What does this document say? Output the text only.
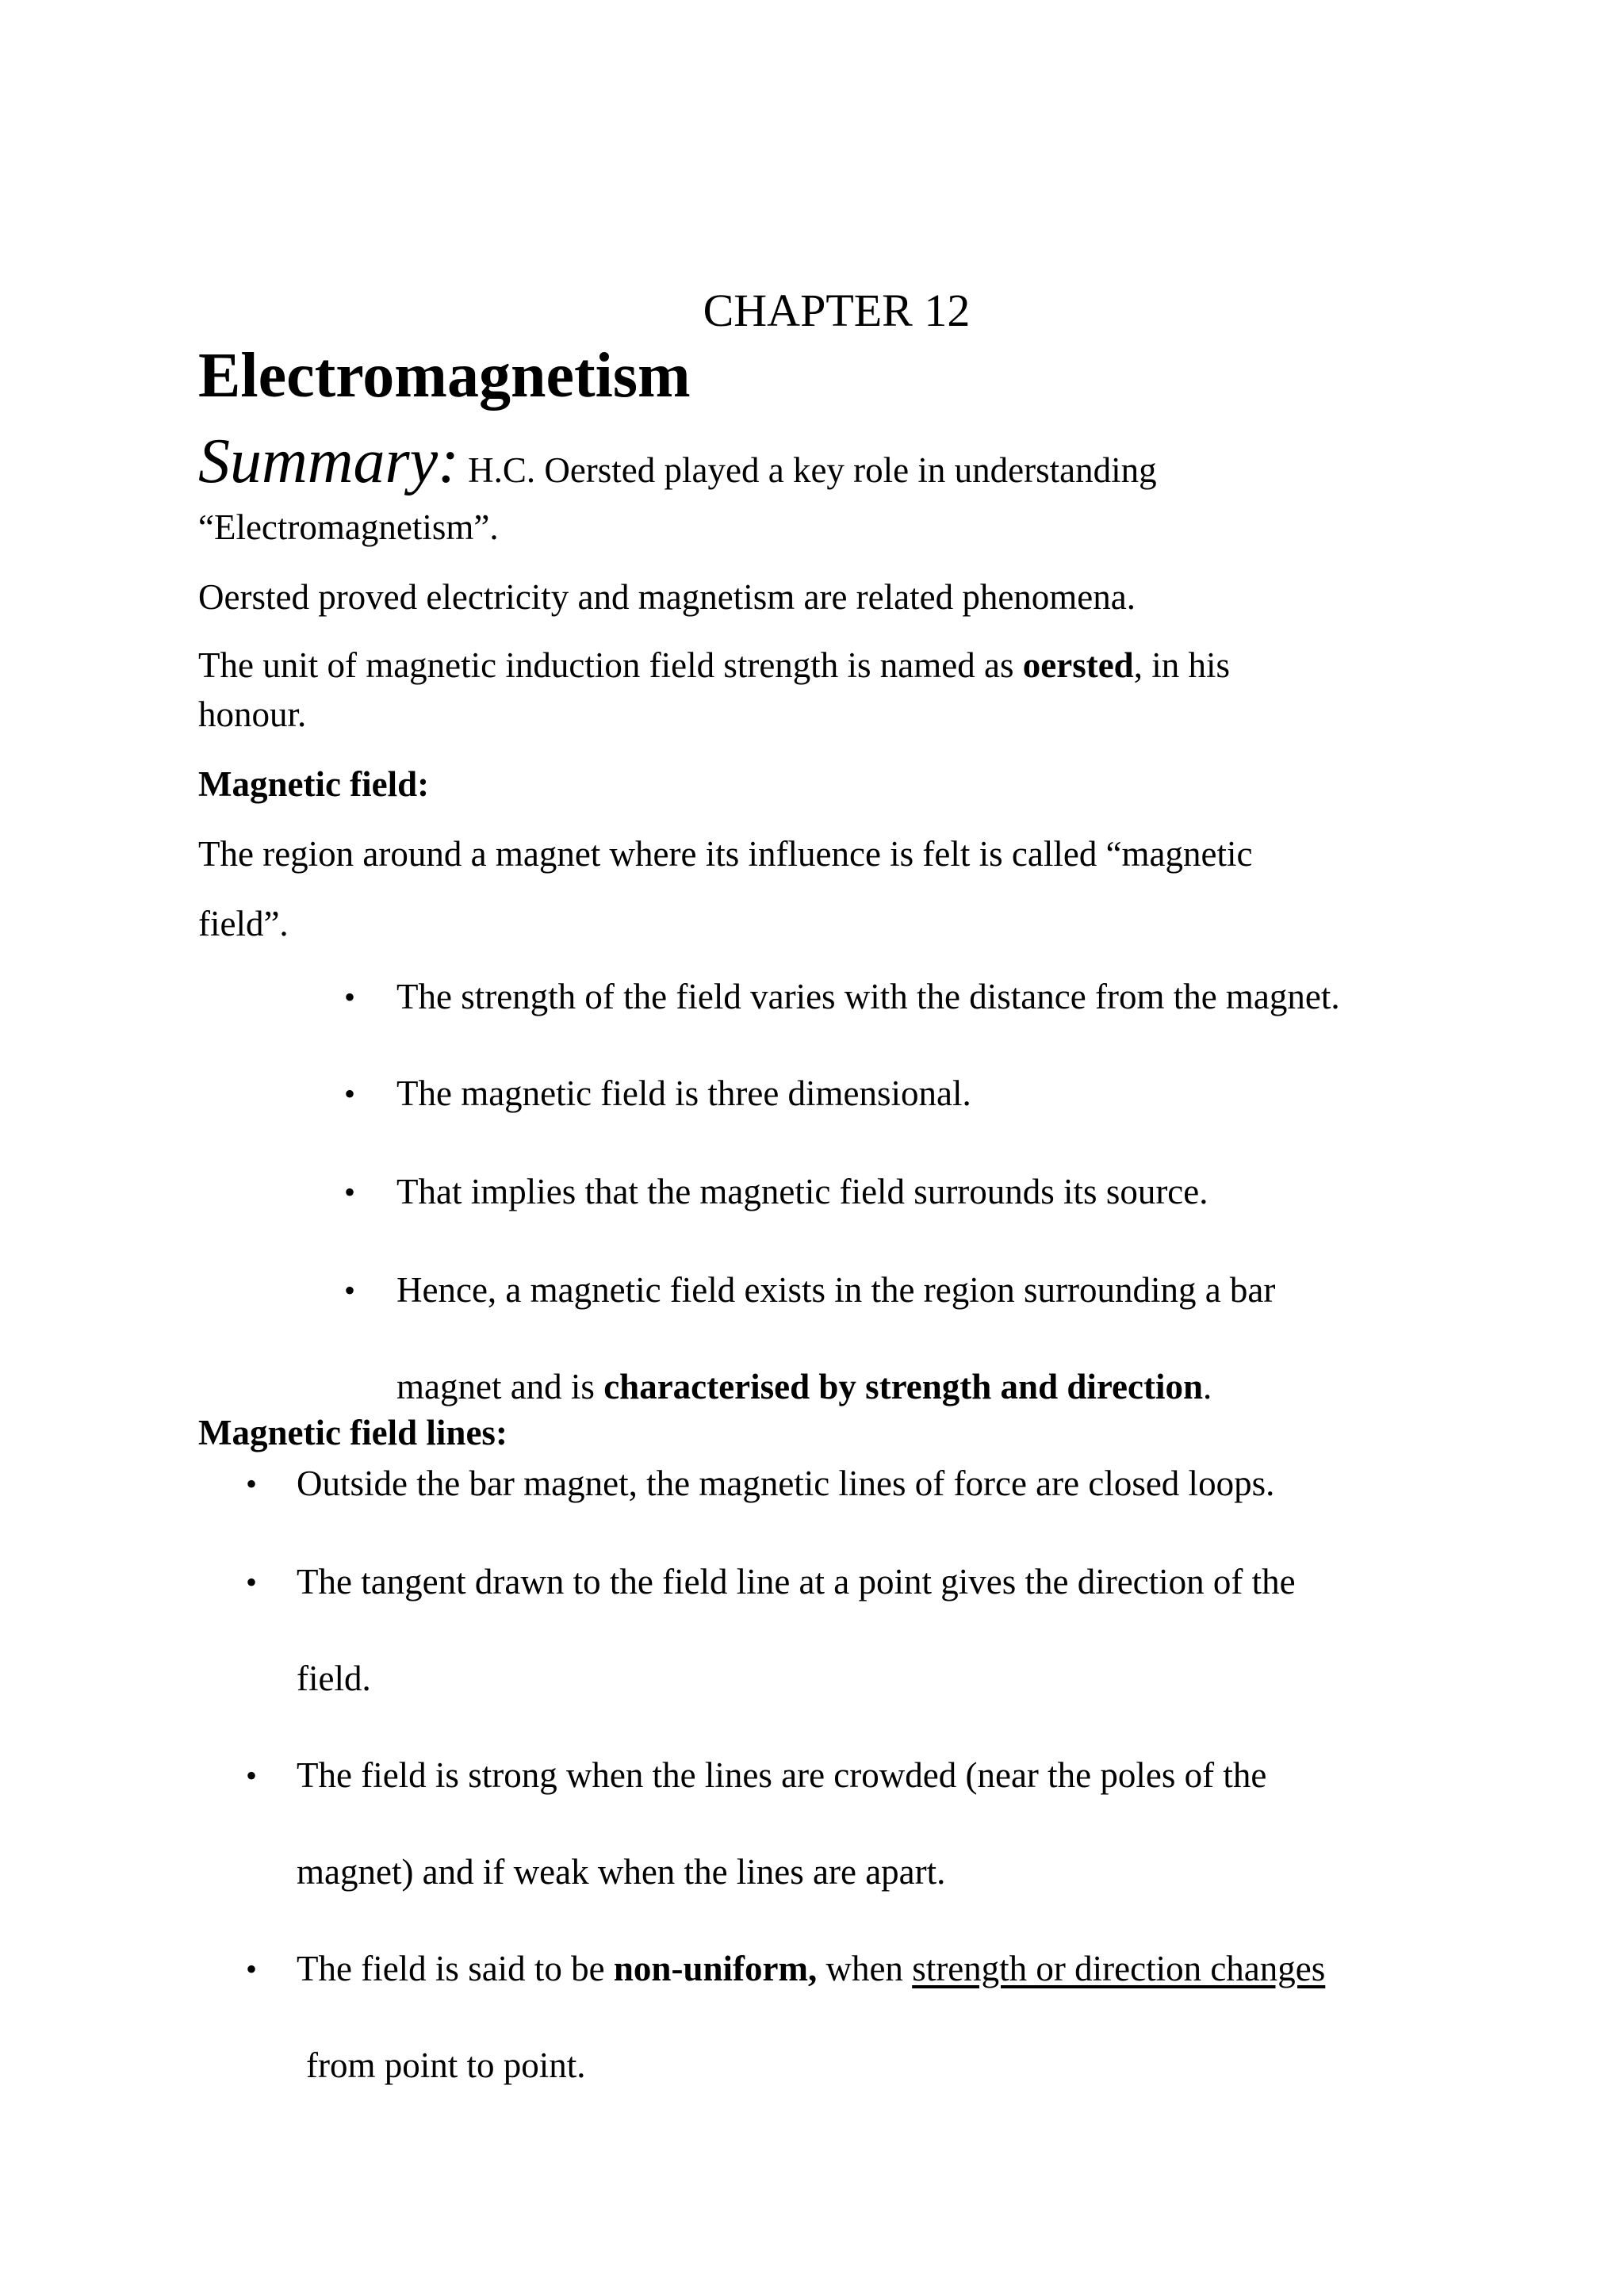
CHAPTER 12
Electromagnetism
Summary: H.C. Oersted played a key role in understanding
“Electromagnetism”.
Oersted proved electricity and magnetism are related phenomena.
The unit of magnetic induction field strength is named as oersted, in his
honour.
Magnetic field:
The region around a magnet where its influence is felt is called “magnetic
field”.
• The strength of the field varies with the distance from the magnet.
• The magnetic field is three dimensional.
• That implies that the magnetic field surrounds its source.
• Hence, a magnetic field exists in the region surrounding a bar
magnet and is characterised by strength and direction.
Magnetic field lines:
• Outside the bar magnet, the magnetic lines of force are closed loops.
• The tangent drawn to the field line at a point gives the direction of the
field.
• The field is strong when the lines are crowded (near the poles of the
magnet) and if weak when the lines are apart.
• The field is said to be non-uniform, when strength or direction changes
from point to point.
